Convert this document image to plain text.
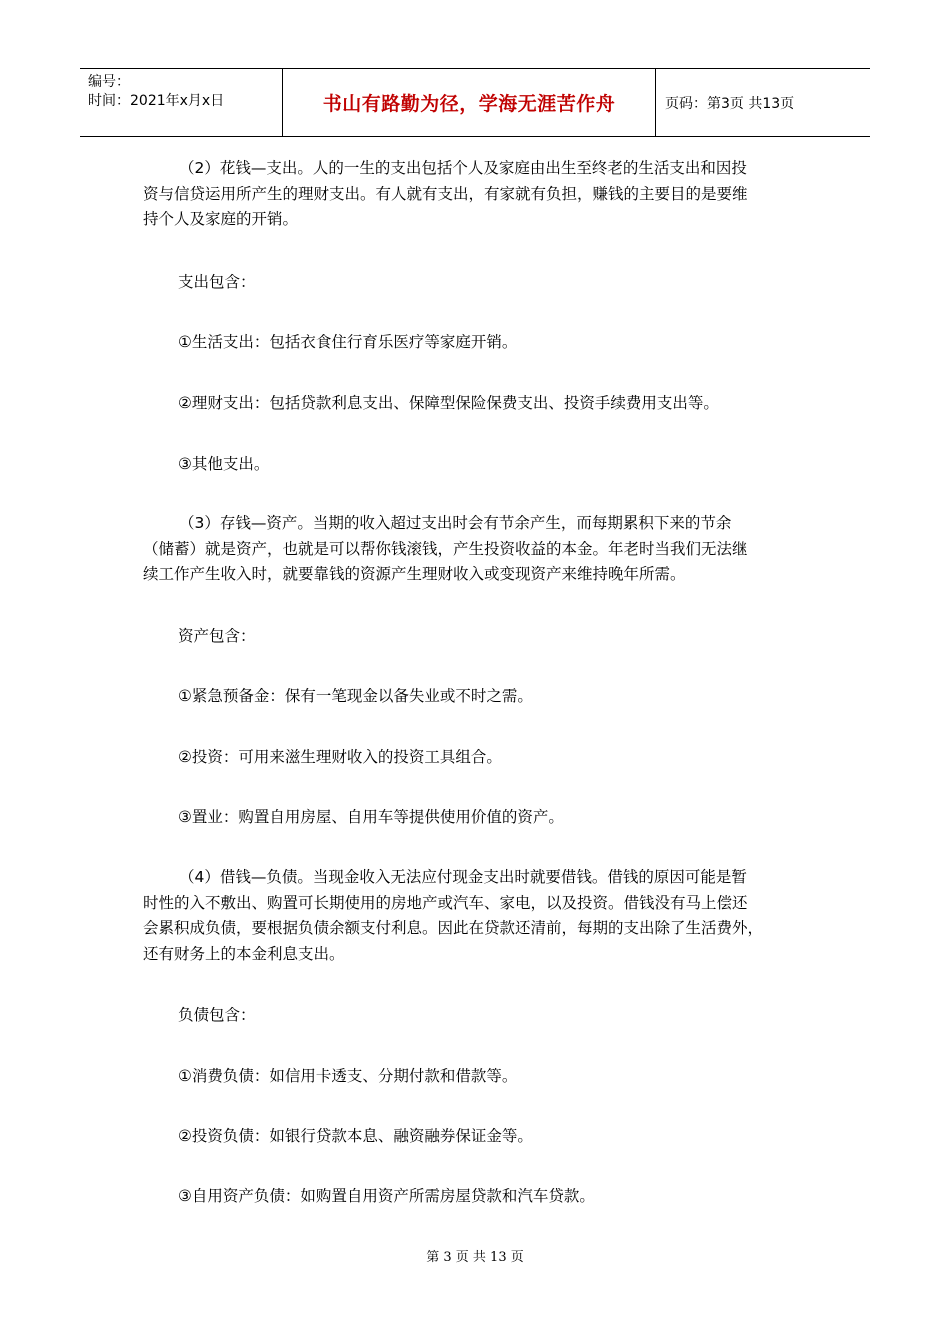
编号：
时间：2021年x月x日	书山有路勤为径，学海无涯苦作舟	页码：第3页 共13页
（2）花钱—支出。人的一生的支出包括个人及家庭由出生至终老的生活支出和因投
资与信贷运用所产生的理财支出。有人就有支出，有家就有负担，赚钱的主要目的是要维
持个人及家庭的开销。
支出包含：
①生活支出：包括衣食住行育乐医疗等家庭开销。
②理财支出：包括贷款利息支出、保障型保险保费支出、投资手续费用支出等。
③其他支出。
（3）存钱—资产。当期的收入超过支出时会有节余产生，而每期累积下来的节余
（储蓄）就是资产，也就是可以帮你钱滚钱，产生投资收益的本金。年老时当我们无法继
续工作产生收入时，就要靠钱的资源产生理财收入或变现资产来维持晚年所需。
资产包含：
①紧急预备金：保有一笔现金以备失业或不时之需。
②投资：可用来滋生理财收入的投资工具组合。
③置业：购置自用房屋、自用车等提供使用价值的资产。
（4）借钱—负债。当现金收入无法应付现金支出时就要借钱。借钱的原因可能是暂
时性的入不敷出、购置可长期使用的房地产或汽车、家电，以及投资。借钱没有马上偿还
会累积成负债，要根据负债余额支付利息。因此在贷款还清前，每期的支出除了生活费外，
还有财务上的本金利息支出。
负债包含：
①消费负债：如信用卡透支、分期付款和借款等。
②投资负债：如银行贷款本息、融资融券保证金等。
③自用资产负债：如购置自用资产所需房屋贷款和汽车贷款。
第 3 页 共 13 页
